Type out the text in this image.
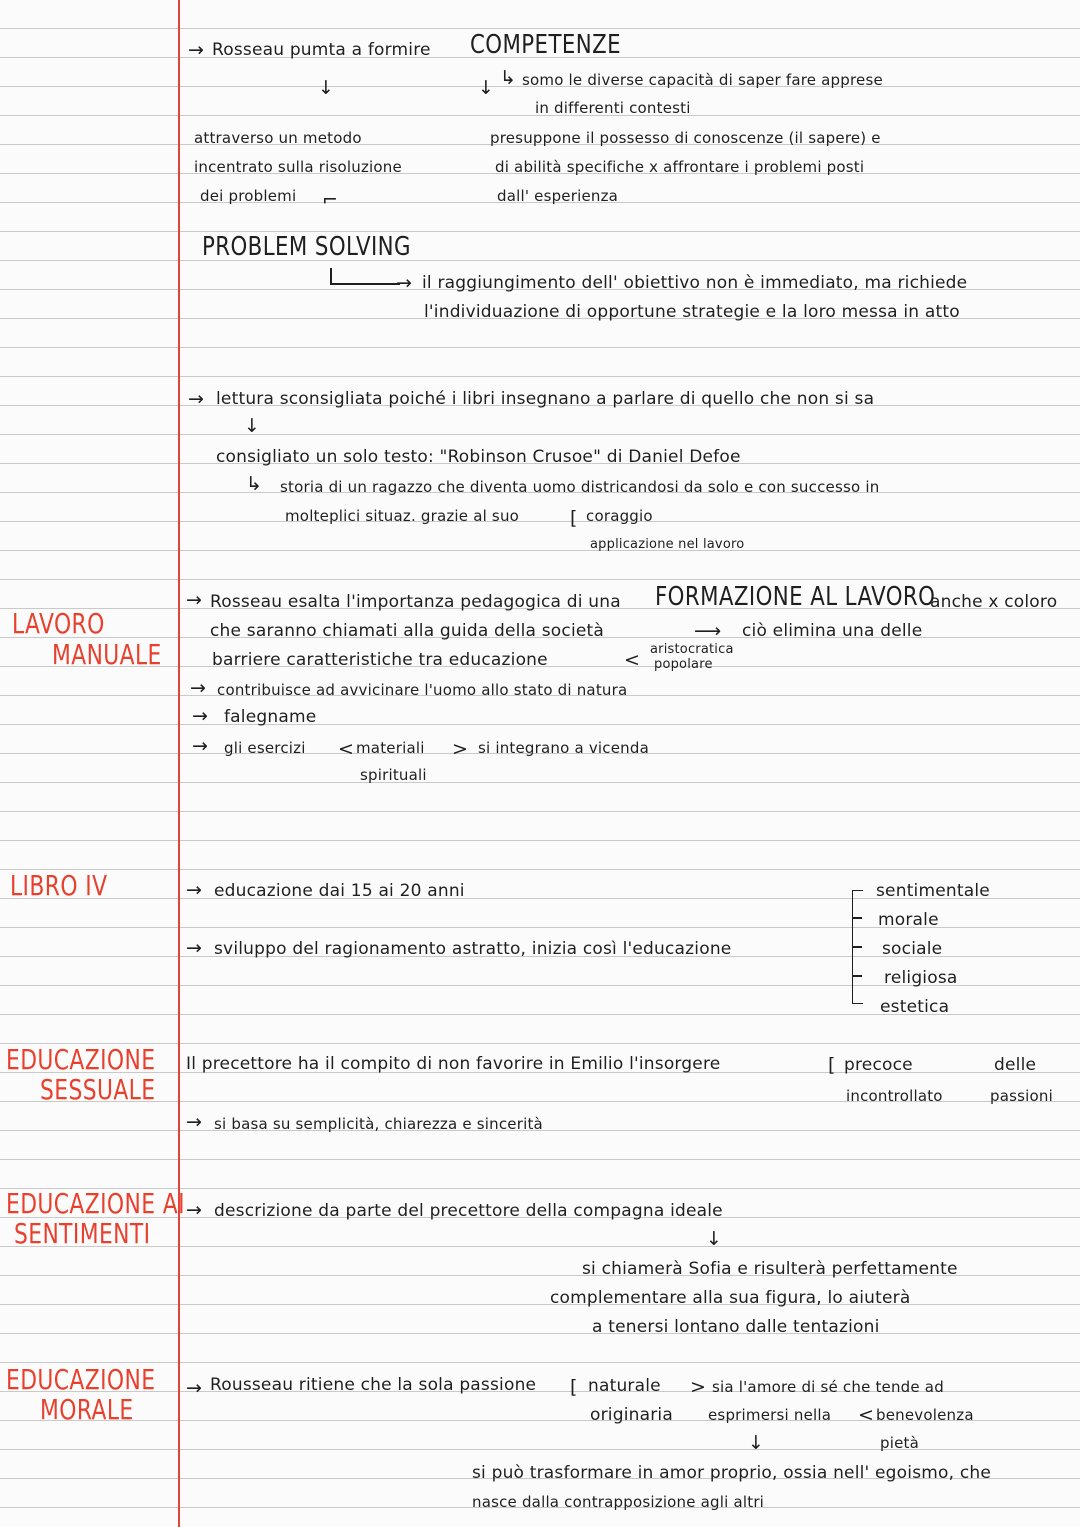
LAVORO
MANUALE
LIBRO IV
EDUCAZIONE
SESSUALE
EDUCAZIONE AI
SENTIMENTI
EDUCAZIONE
MORALE
→ Rosseau pumta a formire COMPETENZE
↓	↓ ↳ somo le diverse capacità di saper fare apprese
in differenti contesti
attraverso un metodo
incentrato sulla risoluzione
dei problemi ⌐
presuppone il possesso di conoscenze (il sapere) e
di abilità specifiche x affrontare i problemi posti
dall' esperienza
PROBLEM SOLVING
→ il raggiungimento dell' obiettivo non è immediato, ma richiede
l'individuazione di opportune strategie e la loro messa in atto
→ lettura sconsigliata poiché i libri insegnano a parlare di quello che non si sa
↓
consigliato un solo testo: "Robinson Crusoe" di Daniel Defoe
↳ storia di un ragazzo che diventa uomo districandosi da solo e con successo in
molteplici situaz. grazie al suo	[ coraggio
applicazione nel lavoro
→ Rosseau esalta l'importanza pedagogica di una FORMAZIONE AL LAVORO
anche x coloro
che saranno chiamati alla guida della società	⟶ ciò elimina una delle
barriere caratteristiche tra educazione	< aristocratica
popolare
→ contribuisce ad avvicinare l'uomo allo stato di natura
→ falegname
→ gli esercizi < materiali
spirituali
> si integrano a vicenda
→ educazione dai 15 ai 20 anni
→ sviluppo del ragionamento astratto, inizia così l'educazione
sentimentale
morale
sociale
religiosa
estetica
Il precettore ha il compito di non favorire in Emilio l'insorgere	[ precoce
incontrollato
delle
passioni
→ si basa su semplicità, chiarezza e sincerità
→ descrizione da parte del precettore della compagna ideale
↓
si chiamerà Sofia e risulterà perfettamente
complementare alla sua figura, lo aiuterà
a tenersi lontano dalle tentazioni
→ Rousseau ritiene che la sola passione [ naturale
originaria
> sia l'amore di sé che tende ad
esprimersi nella < benevolenza
pietà
↓
si può trasformare in amor proprio, ossia nell' egoismo, che
nasce dalla contrapposizione agli altri
